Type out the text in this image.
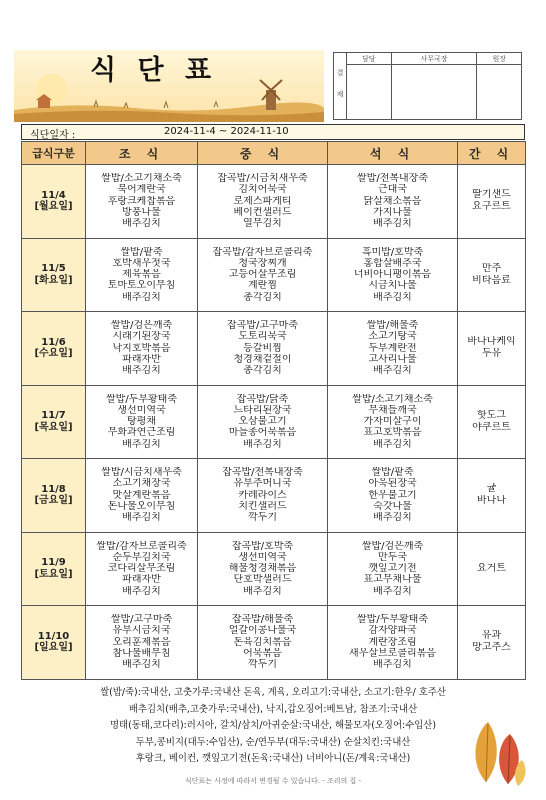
식 단 표	결 재	담당	사무국장	원장

식단일자 :	2024-11-4 ~ 2024-11-10
급식구분	조 식	중 식	석 식	간 식

11/4
[월요일]	쌀밥/소고기채소죽
북어계란국
후랑크케찹볶음
방풍나물
배추김치	잡곡밥/시금치새우죽
김치어묵국
로제스파게티
베이컨샐러드
열무김치	쌀밥/전복내장죽
근대국
닭살채소볶음
가지나물
배추김치	딸기샌드
요구르트

11/5
[화요일]	쌀밥/팥죽
호박새우젓국
제육볶음
토마토오이무침
배추김치	잡곡밥/감자브로콜리죽
청국장찌개
고등어살무조림
계란찜
총각김치	흑미밥/호박죽
홍합살배추국
너비아니팽이볶음
시금치나물
배추김치	만주
비타음료

11/6
[수요일]	쌀밥/검은깨죽
시래기된장국
낙지호박볶음
파래자반
배추김치	잡곡밥/고구마죽
도토리묵국
등갈비찜
청경채겉절이
총각김치	쌀밥/해물죽
소고기탕국
두부계란전
고사리나물
배추김치	바나나케익
두유

11/7
[목요일]	쌀밥/두부황태죽
생선미역국
탕평채
무화과연근조림
배추김치	잡곡밥/닭죽
느타리된장국
오삼불고기
마늘종어묵볶음
배추김치	쌀밥/소고기채소죽
무채들깨국
가자미살구이
표고호박볶음
배추김치	핫도그
야쿠르트

11/8
[금요일]	쌀밥/시금치새우죽
소고기채장국
맛살계란볶음
돈나물오이무침
배추김치	잡곡밥/전복내장죽
유부주머니국
카레라이스
치킨샐러드
깍두기	쌀밥/팥죽
아욱된장국
한우불고기
숙갓나물
배추김치	귤
바나나

11/9
[토요일]	쌀밥/감자브로콜리죽
순두부김치국
코다리살무조림
파래자반
배추김치	잡곡밥/호박죽
생선미역국
해물청경채볶음
단호박샐러드
배추김치	쌀밥/검은깨죽
만두국
깻잎고기전
표고무채나물
배추김치	요거트

11/10
[일요일]	쌀밥/고구마죽
유부시금치국
오리훈제볶음
참나물배무침
배추김치	잡곡밥/해물죽
얼갈이콩나물국
돈육김치볶음
어묵볶음
깍두기	쌀밥/두부황태죽
감자양파국
계란장조림
새우살브로콜리볶음
배추김치	유과
망고주스
쌀(밥/죽):국내산, 고춧가루:국내산 돈육, 계육, 오리고기:국내산, 소고기:한우/ 호주산
배추김치(배추,고춧가루:국내산), 낙지,갑오징어:베트남, 참조기:국내산
명태(동태,코다리):러시아, 갈치/삼치/아귀순살:국내산, 해물모자(오징어:수입산)
두부,콩비지(대두:수입산), 순/연두부(대두:국내산) 순살치킨:국내산
후랑크, 베이컨, 깻잎고기전(돈육:국내산) 너비아니(돈/계육:국내산)
식단표는 사정에 따라서 변경될 수 있습니다. - 조리의 집 -
